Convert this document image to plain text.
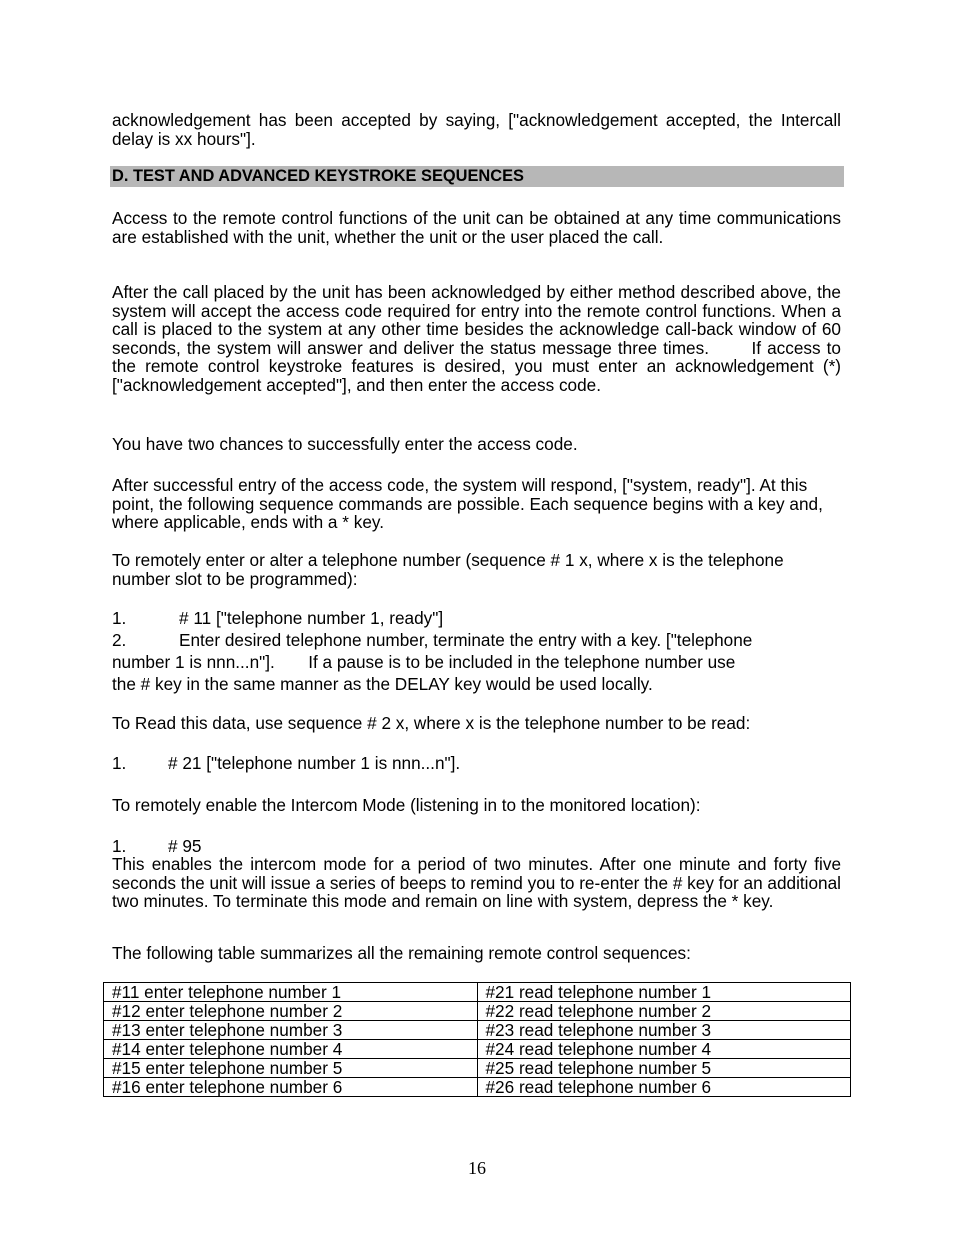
acknowledgement has been accepted by saying, ["acknowledgement accepted, the Intercall delay is xx hours"].

D. TEST AND ADVANCED KEYSTROKE SEQUENCES

Access to the remote control functions of the unit can be obtained at any time communications are established with the unit, whether the unit or the user placed the call.

After the call placed by the unit has been acknowledged by either method described above, the system will accept the access code required for entry into the remote control functions. When a call is placed to the system at any other time besides the acknowledge call-back window of 60 seconds, the system will answer and deliver the status message three times.       If access to the remote control keystroke features is desired, you must enter an acknowledgement (*) ["acknowledgement accepted"], and then enter the access code.

You have two chances to successfully enter the access code.

After successful entry of the access code, the system will respond, ["system, ready"]. At this point, the following sequence commands are possible. Each sequence begins with a key and, where applicable, ends with a * key.

To remotely enter or alter a telephone number (sequence # 1 x, where x is the telephone number slot to be programmed):

1.	# 11 ["telephone number 1, ready"]
2.	Enter desired telephone number, terminate the entry with a key. ["telephone
number 1 is nnn...n"].       If a pause is to be included in the telephone number use
the # key in the same manner as the DELAY key would be used locally.

To Read this data, use sequence # 2 x, where x is the telephone number to be read:

1. # 21 ["telephone number 1 is nnn...n"].

To remotely enable the Intercom Mode (listening in to the monitored location):

1. # 95

This enables the intercom mode for a period of two minutes. After one minute and forty five seconds the unit will issue a series of beeps to remind you to re-enter the # key for an additional two minutes. To terminate this mode and remain on line with system, depress the * key.

The following table summarizes all the remaining remote control sequences:

#11 enter telephone number 1	#21 read telephone number 1
#12 enter telephone number 2	#22 read telephone number 2
#13 enter telephone number 3	#23 read telephone number 3
#14 enter telephone number 4	#24 read telephone number 4
#15 enter telephone number 5	#25 read telephone number 5
#16 enter telephone number 6	#26 read telephone number 6
16
